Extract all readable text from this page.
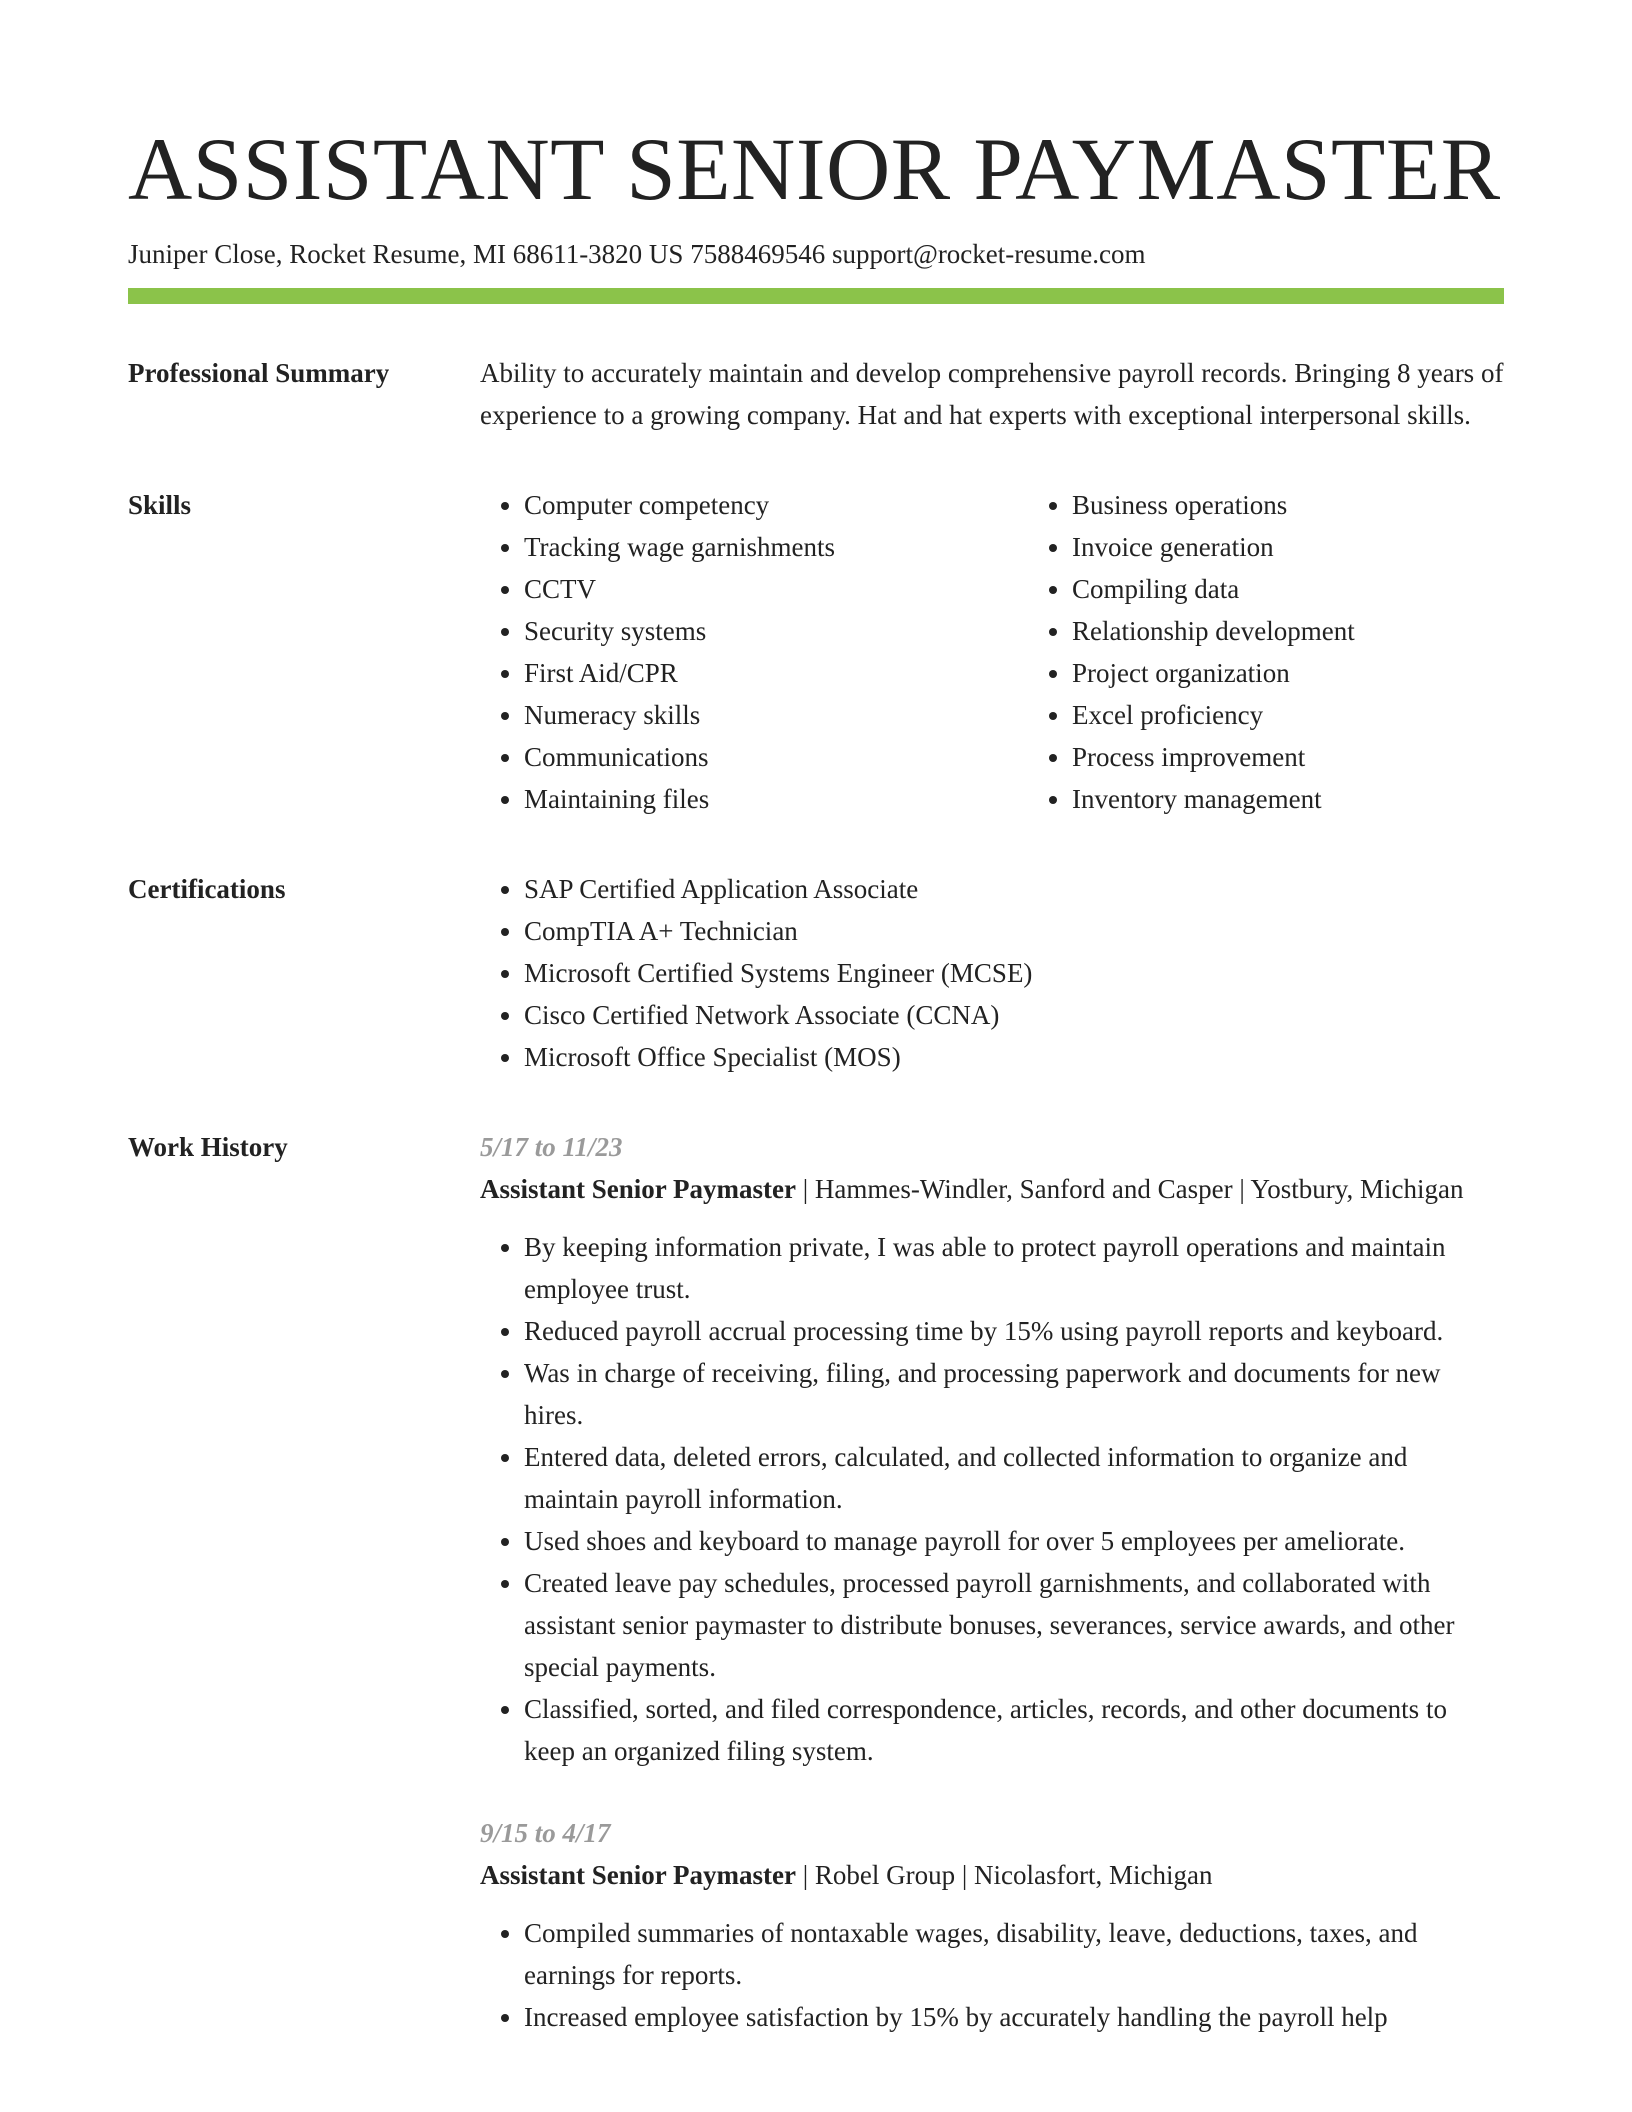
ASSISTANT SENIOR PAYMASTER
Juniper Close, Rocket Resume, MI 68611-3820 US 7588469546 support@rocket-resume.com
Professional Summary	Ability to accurately maintain and develop comprehensive payroll records. Bringing 8 years of experience to a growing company. Hat and hat experts with exceptional interpersonal skills.
Skills	• Computer competency
• Tracking wage garnishments
• CCTV
• Security systems
• First Aid/CPR
• Numeracy skills
• Communications
• Maintaining files
• Business operations
• Invoice generation
• Compiling data
• Relationship development
• Project organization
• Excel proficiency
• Process improvement
• Inventory management
Certifications	• SAP Certified Application Associate
• CompTIA A+ Technician
• Microsoft Certified Systems Engineer (MCSE)
• Cisco Certified Network Associate (CCNA)
• Microsoft Office Specialist (MOS)
Work History	5/17 to 11/23
Assistant Senior Paymaster | Hammes-Windler, Sanford and Casper | Yostbury, Michigan
• By keeping information private, I was able to protect payroll operations and maintain employee trust.
• Reduced payroll accrual processing time by 15% using payroll reports and keyboard.
• Was in charge of receiving, filing, and processing paperwork and documents for new hires.
• Entered data, deleted errors, calculated, and collected information to organize and maintain payroll information.
• Used shoes and keyboard to manage payroll for over 5 employees per ameliorate.
• Created leave pay schedules, processed payroll garnishments, and collaborated with assistant senior paymaster to distribute bonuses, severances, service awards, and other special payments.
• Classified, sorted, and filed correspondence, articles, records, and other documents to keep an organized filing system.
9/15 to 4/17
Assistant Senior Paymaster | Robel Group | Nicolasfort, Michigan
• Compiled summaries of nontaxable wages, disability, leave, deductions, taxes, and earnings for reports.
• Increased employee satisfaction by 15% by accurately handling the payroll help
